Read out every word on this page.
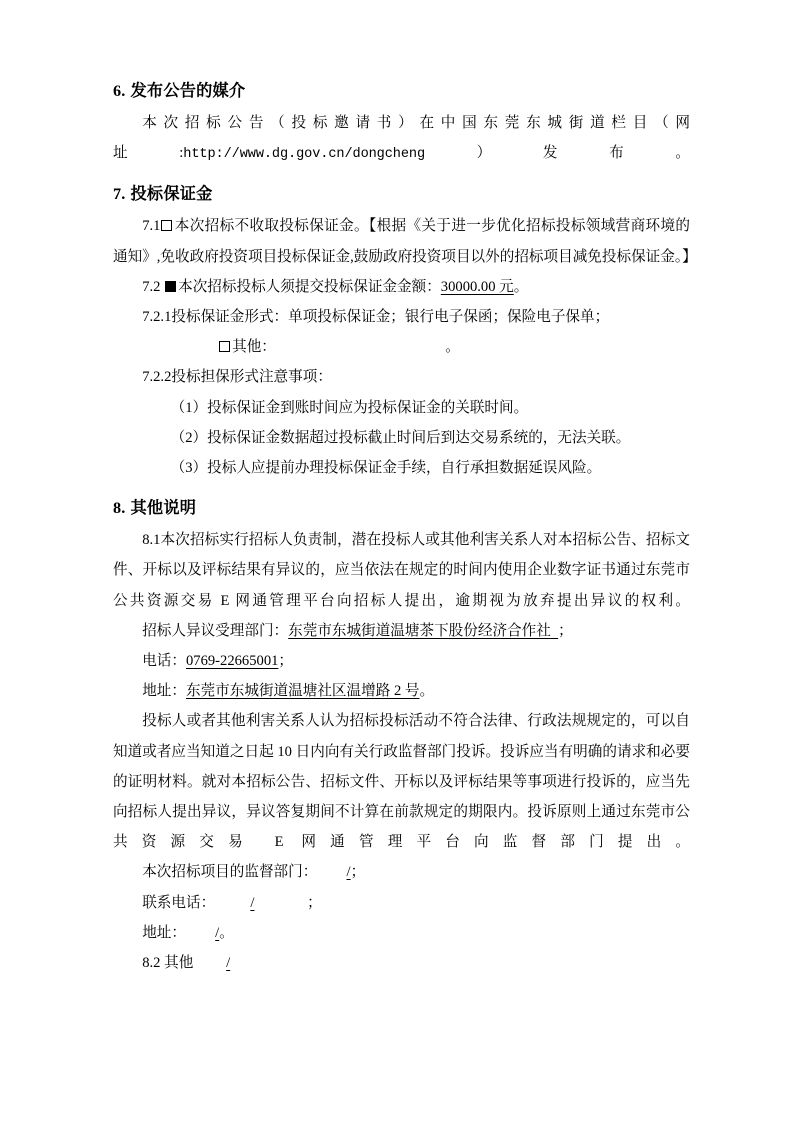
6. 发布公告的媒介

本次招标公告（投标邀请书）在中国东莞东城街道栏目（网址:http://www.dg.gov.cn/dongcheng）发布。

7. 投标保证金

7.1 本次招标不收取投标保证金。【根据《关于进一步优化招标投标领域营商环境的通知》,免收政府投资项目投标保证金,鼓励政府投资项目以外的招标项目减免投标保证金。】

7.2 本次招标投标人须提交投标保证金金额：30000.00 元。

7.2.1投标保证金形式：单项投标保证金；银行电子保函；保险电子保单；

其他：	。

7.2.2投标担保形式注意事项：

（1）投标保证金到账时间应为投标保证金的关联时间。

（2）投标保证金数据超过投标截止时间后到达交易系统的，无法关联。

（3）投标人应提前办理投标保证金手续，自行承担数据延误风险。

8. 其他说明

8.1本次招标实行招标人负责制，潜在投标人或其他利害关系人对本招标公告、招标文件、开标以及评标结果有异议的，应当依法在规定的时间内使用企业数字证书通过东莞市公共资源交易 E 网通管理平台向招标人提出，逾期视为放弃提出异议的权利。

招标人异议受理部门：东莞市东城街道温塘茶下股份经济合作社 ；

电话：0769-22665001；

地址：东莞市东城街道温塘社区温增路 2 号。

投标人或者其他利害关系人认为招标投标活动不符合法律、行政法规规定的，可以自知道或者应当知道之日起 10 日内向有关行政监督部门投诉。投诉应当有明确的请求和必要的证明材料。就对本招标公告、招标文件、开标以及评标结果等事项进行投诉的，应当先向招标人提出异议，异议答复期间不计算在前款规定的期限内。投诉原则上通过东莞市公共资源交易 E 网通管理平台向监督部门提出。

本次招标项目的监督部门： /；

联系电话： /	；

地址： /。

8.2 其他 /
